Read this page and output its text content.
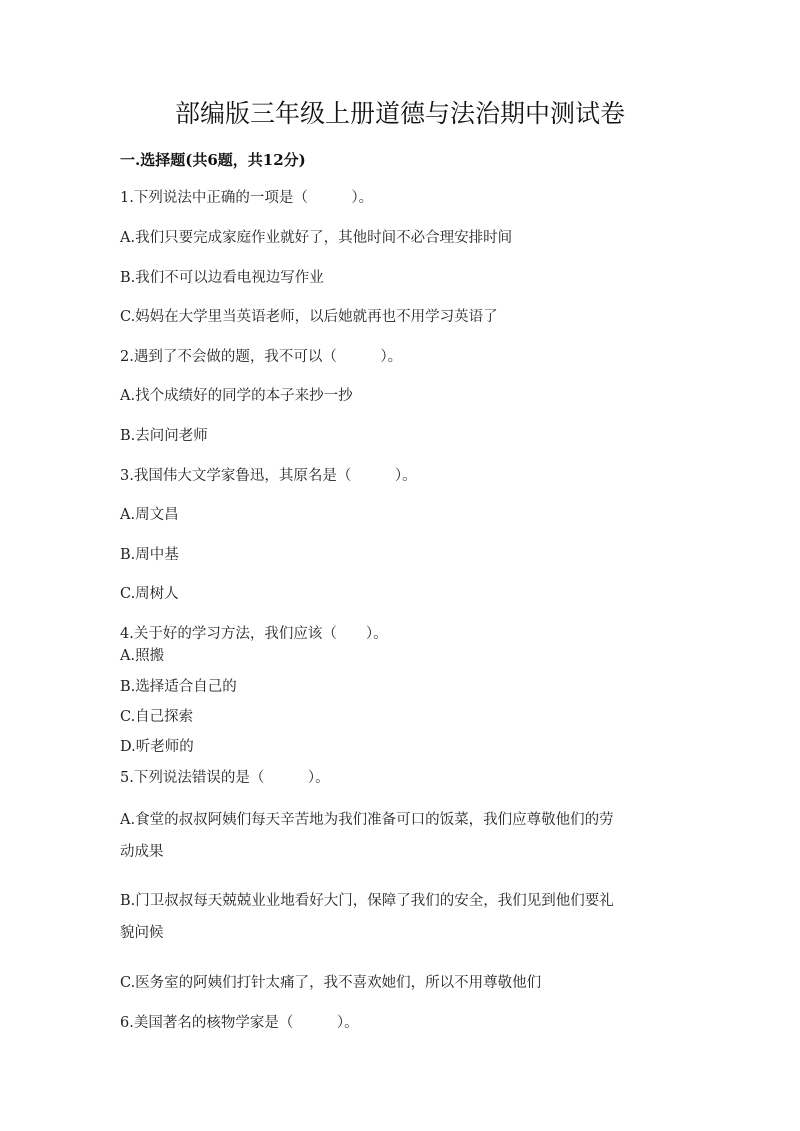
部编版三年级上册道德与法治期中测试卷
一.选择题(共6题，共12分)
1.下列说法中正确的一项是（　　　）。
A.我们只要完成家庭作业就好了，其他时间不必合理安排时间
B.我们不可以边看电视边写作业
C.妈妈在大学里当英语老师，以后她就再也不用学习英语了
2.遇到了不会做的题，我不可以（　　　）。
A.找个成绩好的同学的本子来抄一抄
B.去问问老师
3.我国伟大文学家鲁迅，其原名是（　　　）。
A.周文昌
B.周中基
C.周树人
4.关于好的学习方法，我们应该（　　）。
A.照搬
B.选择适合自己的
C.自己探索
D.听老师的
5.下列说法错误的是（　　　）。
A.食堂的叔叔阿姨们每天辛苦地为我们准备可口的饭菜，我们应尊敬他们的劳
动成果
B.门卫叔叔每天兢兢业业地看好大门，保障了我们的安全，我们见到他们要礼
貌问候
C.医务室的阿姨们打针太痛了，我不喜欢她们，所以不用尊敬他们
6.美国著名的核物学家是（　　　）。
